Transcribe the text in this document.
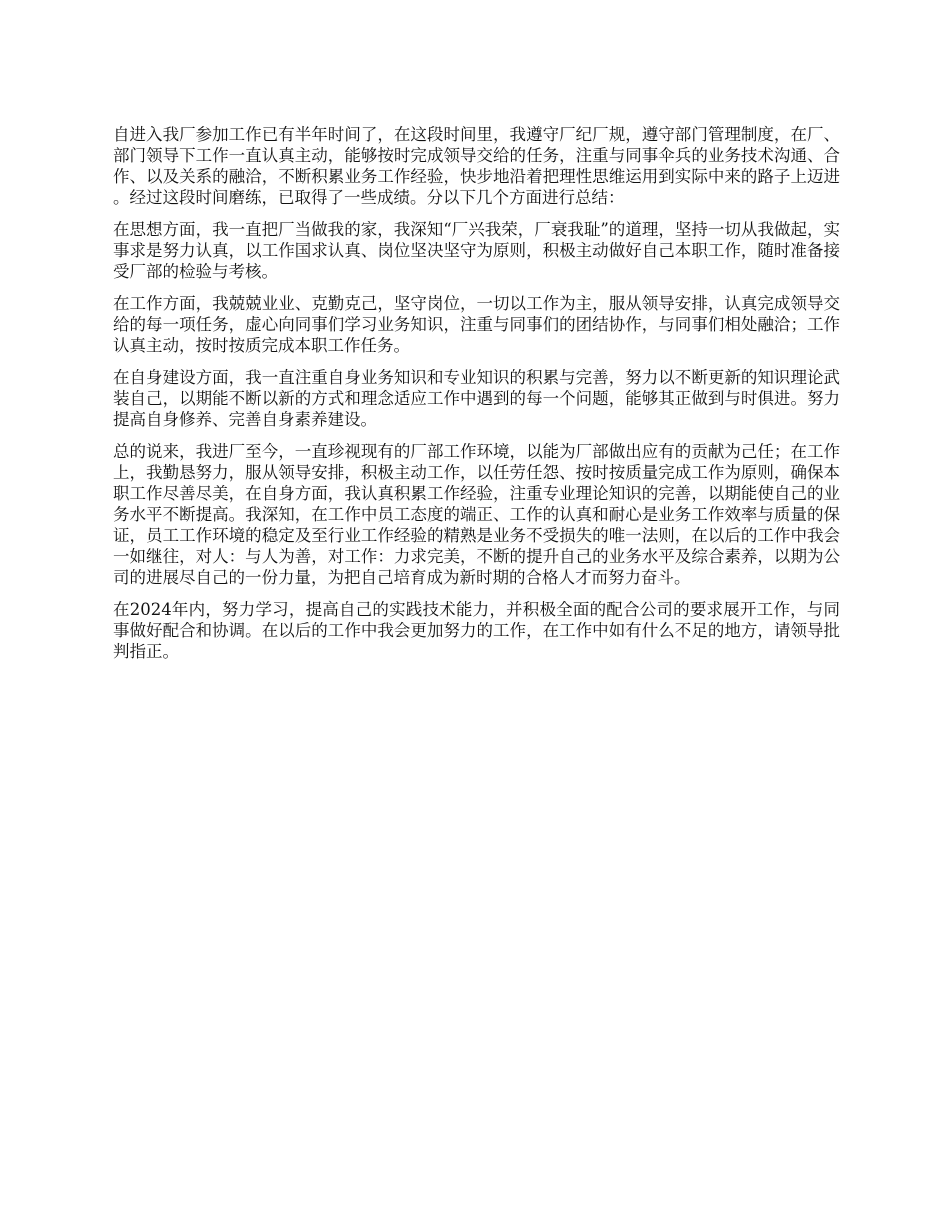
自进入我厂参加工作已有半年时间了，在这段时间里，我遵守厂纪厂规，遵守部门管理制度，在厂、部门领导下工作一直认真主动，能够按时完成领导交给的任务，注重与同事伞兵的业务技术沟通、合作、以及关系的融洽，不断积累业务工作经验，快步地沿着把理性思维运用到实际中来的路子上迈进。经过这段时间磨练，已取得了一些成绩。分以下几个方面进行总结：

在思想方面，我一直把厂当做我的家，我深知“厂兴我荣，厂衰我耻”的道理，坚持一切从我做起，实事求是努力认真，以工作国求认真、岗位坚决坚守为原则，积极主动做好自己本职工作，随时准备接受厂部的检验与考核。

在工作方面，我兢兢业业、克勤克己，坚守岗位，一切以工作为主，服从领导安排，认真完成领导交给的每一项任务，虚心向同事们学习业务知识，注重与同事们的团结协作，与同事们相处融洽；工作认真主动，按时按质完成本职工作任务。

在自身建设方面，我一直注重自身业务知识和专业知识的积累与完善，努力以不断更新的知识理论武装自己，以期能不断以新的方式和理念适应工作中遇到的每一个问题，能够其正做到与时俱进。努力提高自身修养、完善自身素养建设。

总的说来，我进厂至今，一直珍视现有的厂部工作环境，以能为厂部做出应有的贡献为己任；在工作上，我勤恳努力，服从领导安排，积极主动工作，以任劳任怨、按时按质量完成工作为原则，确保本职工作尽善尽美，在自身方面，我认真积累工作经验，注重专业理论知识的完善，以期能使自己的业务水平不断提高。我深知，在工作中员工态度的端正、工作的认真和耐心是业务工作效率与质量的保证，员工工作环境的稳定及至行业工作经验的精熟是业务不受损失的唯一法则，在以后的工作中我会一如继往，对人：与人为善，对工作：力求完美，不断的提升自己的业务水平及综合素养，以期为公司的进展尽自己的一份力量，为把自己培育成为新时期的合格人才而努力奋斗。

在2024年内，努力学习，提高自己的实践技术能力，并积极全面的配合公司的要求展开工作，与同事做好配合和协调。在以后的工作中我会更加努力的工作，在工作中如有什么不足的地方，请领导批判指正。
